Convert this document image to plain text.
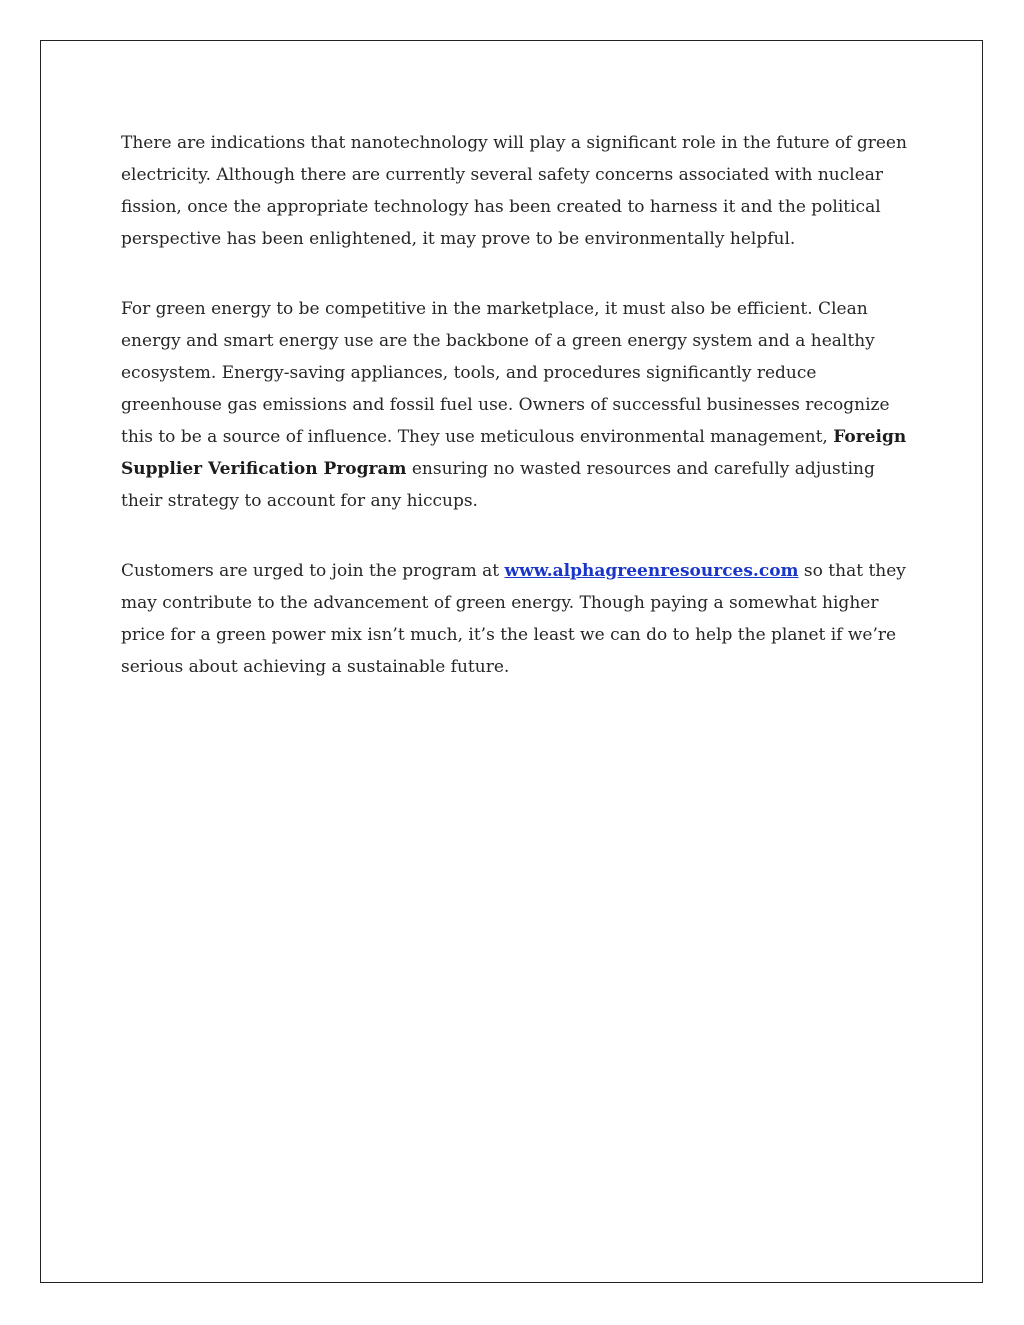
There are indications that nanotechnology will play a significant role in the future of green electricity. Although there are currently several safety concerns associated with nuclear fission, once the appropriate technology has been created to harness it and the political perspective has been enlightened, it may prove to be environmentally helpful.

For green energy to be competitive in the marketplace, it must also be efficient. Clean energy and smart energy use are the backbone of a green energy system and a healthy ecosystem. Energy-saving appliances, tools, and procedures significantly reduce greenhouse gas emissions and fossil fuel use. Owners of successful businesses recognize this to be a source of influence. They use meticulous environmental management, Foreign Supplier Verification Program ensuring no wasted resources and carefully adjusting their strategy to account for any hiccups.

Customers are urged to join the program at www.alphagreenresources.com so that they may contribute to the advancement of green energy. Though paying a somewhat higher price for a green power mix isn’t much, it’s the least we can do to help the planet if we’re serious about achieving a sustainable future.
